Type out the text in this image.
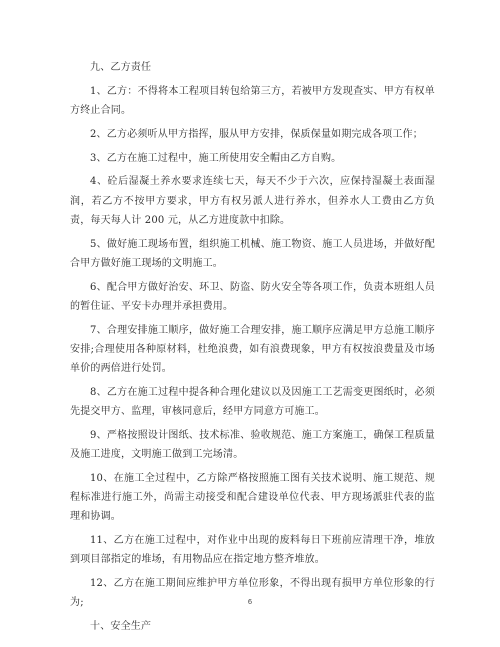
九、乙方责任

1、乙方：不得将本工程项目转包给第三方，若被甲方发现查实、甲方有权单方终止合同。

2、乙方必须听从甲方指挥，服从甲方安排，保质保量如期完成各项工作；

3、乙方在施工过程中，施工所使用安全帽由乙方自购。

4、砼后湿凝土养水要求连续七天，每天不少于六次，应保持湿凝土表面湿润，若乙方不按甲方要求，甲方有权另派人进行养水，但养水人工费由乙方负责，每天每人计 200 元，从乙方进度款中扣除。

5、做好施工现场布置，组织施工机械、施工物资、施工人员进场，并做好配合甲方做好施工现场的文明施工。

6、配合甲方做好治安、环卫、防盗、防火安全等各项工作，负责本班组人员的暂住证、平安卡办理并承担费用。

7、合理安排施工顺序，做好施工合理安排，施工顺序应满足甲方总施工顺序安排;合理使用各种原材料，杜绝浪费，如有浪费现象，甲方有权按浪费量及市场单价的两倍进行处罚。

8、乙方在施工过程中提各种合理化建议以及因施工工艺需变更图纸时，必须先提交甲方、监理，审核同意后，经甲方同意方可施工。

9、严格按照设计图纸、技术标准、验收规范、施工方案施工，确保工程质量及施工进度，文明施工做到工完场清。

10、在施工全过程中，乙方除严格按照施工图有关技术说明、施工规范、规程标准进行施工外，尚需主动接受和配合建设单位代表、甲方现场派驻代表的监理和协调。

11、乙方在施工过程中，对作业中出现的废料每日下班前应清理干净，堆放到项目部指定的堆场，有用物品应在指定地方整齐堆放。

12、乙方在施工期间应维护甲方单位形象，不得出现有损甲方单位形象的行为;

十、安全生产

6
